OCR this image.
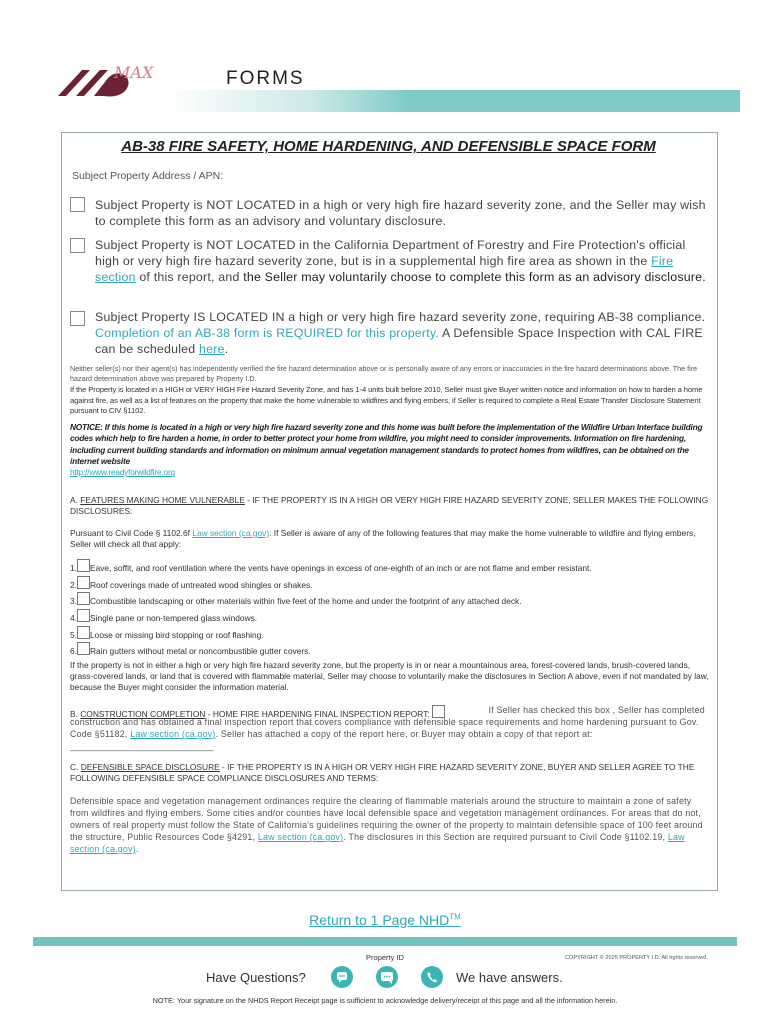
MAX	FORMS
AB-38 FIRE SAFETY, HOME HARDENING, AND DEFENSIBLE SPACE FORM
Subject Property Address / APN:
Subject Property is NOT LOCATED in a high or very high fire hazard severity zone, and the Seller may wish to complete this form as an advisory and voluntary disclosure.
Subject Property is NOT LOCATED in the California Department of Forestry and Fire Protection's official high or very high fire hazard severity zone, but is in a supplemental high fire area as shown in the Fire section of this report, and the Seller may voluntarily choose to complete this form as an advisory disclosure.
Subject Property IS LOCATED IN a high or very high fire hazard severity zone, requiring AB-38 compliance. Completion of an AB-38 form is REQUIRED for this property. A Defensible Space Inspection with CAL FIRE can be scheduled here.
Neither seller(s) nor their agent(s) has independently verified the fire hazard determination above or is personally aware of any errors or inaccuracies in the fire hazard determinations above. The fire hazard determination above was prepared by Property I.D.
If the Property is located in a HIGH or VERY HIGH Fire Hazard Severity Zone, and has 1-4 units built before 2010, Seller must give Buyer written notice and information on how to harden a home against fire, as well as a list of features on the property that make the home vulnerable to wildfires and flying embers, if Seller is required to complete a Real Estate Transfer Disclosure Statement pursuant to CIV §1102.
NOTICE: If this home is located in a high or very high fire hazard severity zone and this home was built before the implementation of the Wildfire Urban Interface building codes which help to fire harden a home, in order to better protect your home from wildfire, you might need to consider improvements. Information on fire hardening, including current building standards and information on minimum annual vegetation management standards to protect homes from wildfires, can be obtained on the internet website
http://www.readyforwildfire.org
A. FEATURES MAKING HOME VULNERABLE - IF THE PROPERTY IS IN A HIGH OR VERY HIGH FIRE HAZARD SEVERITY ZONE, SELLER MAKES THE FOLLOWING DISCLOSURES:
Pursuant to Civil Code § 1102.6f Law section (ca.gov): If Seller is aware of any of the following features that may make the home vulnerable to wildfire and flying embers, Seller will check all that apply:
1. Eave, soffit, and roof ventilation where the vents have openings in excess of one-eighth of an inch or are not flame and ember resistant.
2. Roof coverings made of untreated wood shingles or shakes.
3. Combustible landscaping or other materials within five feet of the home and under the footprint of any attached deck.
4. Single pane or non-tempered glass windows.
5. Loose or missing bird stopping or roof flashing.
6. Rain gutters without metal or noncombustible gutter covers.
If the property is not in either a high or very high fire hazard severity zone, but the property is in or near a mountainous area, forest-covered lands, brush-covered lands, grass-covered lands, or land that is covered with flammable material, Seller may choose to voluntarily make the disclosures in Section A above, even if not mandated by law, because the Buyer might consider the information material.
B. CONSTRUCTION COMPLETION - HOME FIRE HARDENING FINAL INSPECTION REPORT:	If Seller has checked this box , Seller has completed construction and has obtained a final inspection report that covers compliance with defensible space requirements and home hardening pursuant to Gov. Code §51182, Law section (ca.gov). Seller has attached a copy of the report here, or Buyer may obtain a copy of that report at: ____________________________
C. DEFENSIBLE SPACE DISCLOSURE - IF THE PROPERTY IS IN A HIGH OR VERY HIGH FIRE HAZARD SEVERITY ZONE, BUYER AND SELLER AGREE TO THE FOLLOWING DEFENSIBLE SPACE COMPLIANCE DISCLOSURES AND TERMS:
Defensible space and vegetation management ordinances require the clearing of flammable materials around the structure to maintain a zone of safety from wildfires and flying embers. Some cities and/or counties have local defensible space and vegetation management ordinances. For areas that do not, owners of real property must follow the State of California's guidelines requiring the owner of the property to maintain defensible space of 100 feet around the structure, Public Resources Code §4291, Law section (ca.gov). The disclosures in this Section are required pursuant to Civil Code §1102.19, Law section (ca.gov).
Return to 1 Page NHD™
Property ID	COPYRIGHT © 2025 PROPERTY I.D. All rights reserved.
Have Questions?	We have answers.
NOTE: Your signature on the NHDS Report Receipt page is sufficient to acknowledge delivery/receipt of this page and all the information herein.
